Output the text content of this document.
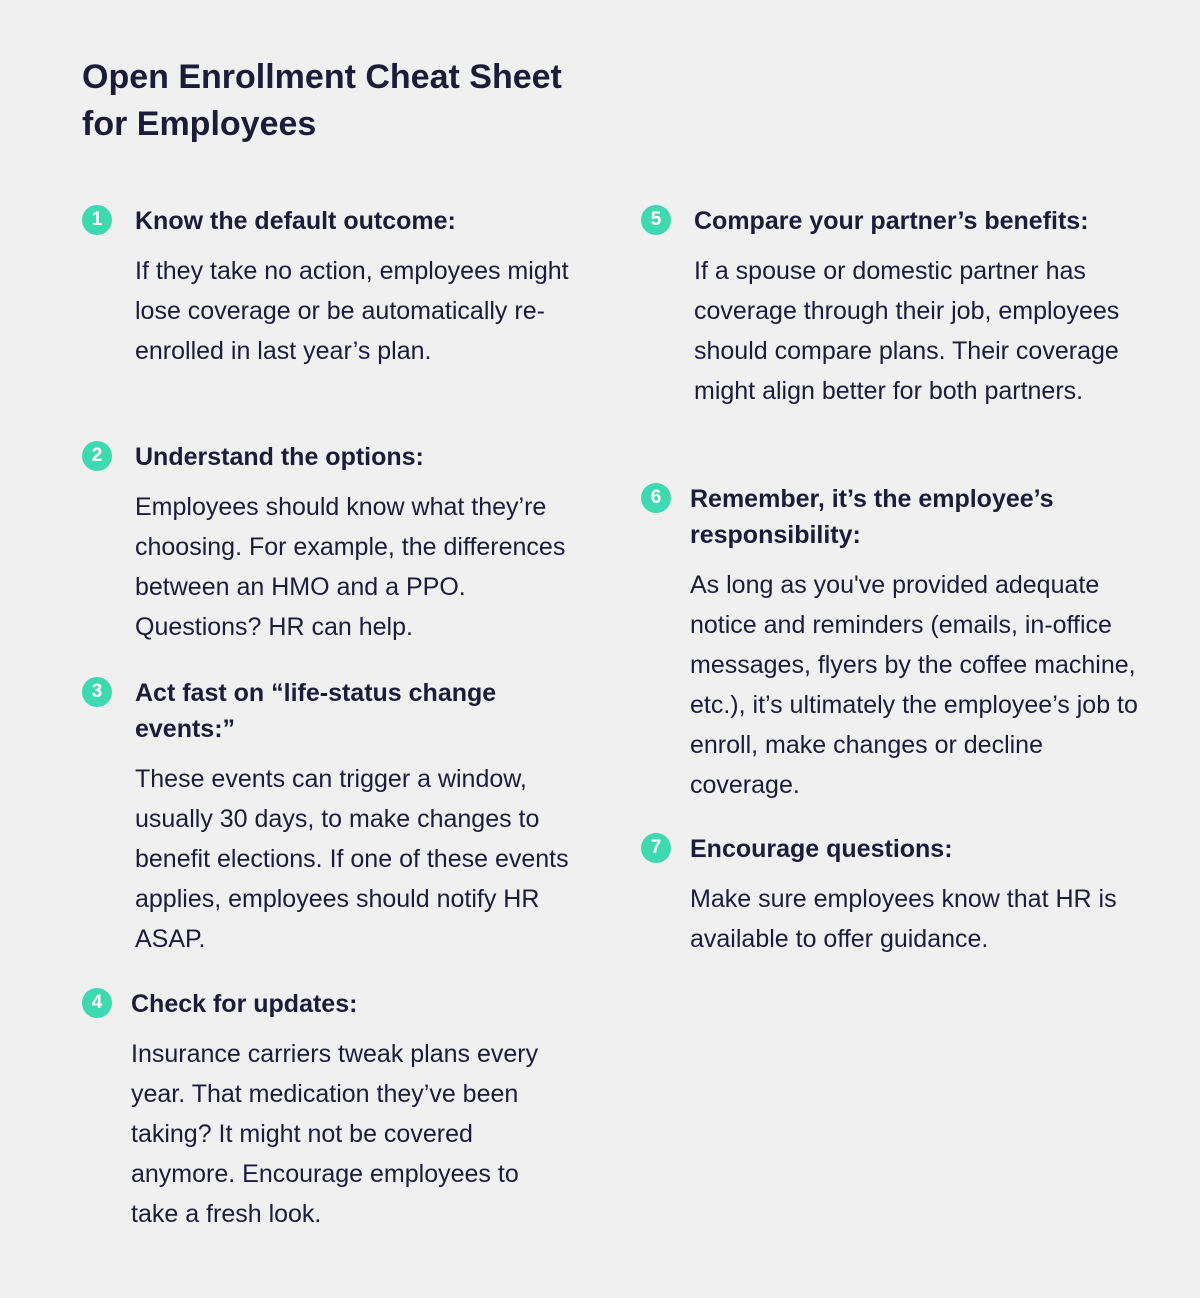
Open Enrollment Cheat Sheet for Employees
1	Know the default outcome:
If they take no action, employees might lose coverage or be automatically re-enrolled in last year’s plan.
2	Understand the options:
Employees should know what they’re choosing. For example, the differences between an HMO and a PPO. Questions? HR can help.
3	Act fast on “life-status change events:”
These events can trigger a window, usually 30 days, to make changes to benefit elections. If one of these events applies, employees should notify HR ASAP.
4	Check for updates:
Insurance carriers tweak plans every year. That medication they’ve been taking? It might not be covered anymore. Encourage employees to take a fresh look.
5	Compare your partner’s benefits:
If a spouse or domestic partner has coverage through their job, employees should compare plans. Their coverage might align better for both partners.
6	Remember, it’s the employee’s responsibility:
As long as you've provided adequate notice and reminders (emails, in-office messages, flyers by the coffee machine, etc.), it’s ultimately the employee’s job to enroll, make changes or decline coverage.
7	Encourage questions:
Make sure employees know that HR is available to offer guidance.
